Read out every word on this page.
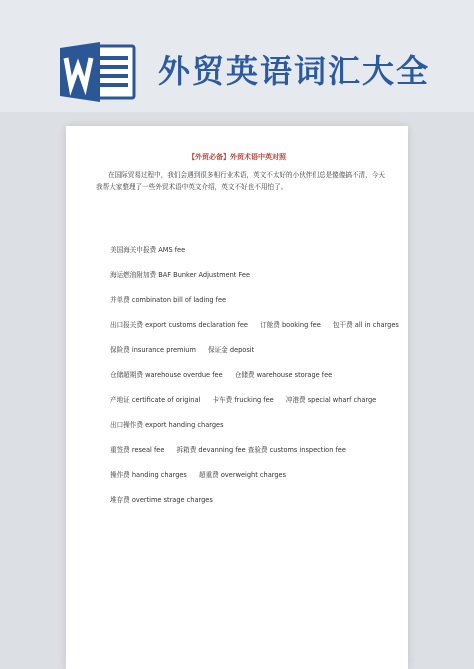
外贸英语词汇大全
【外贸必备】外贸术语中英对照
在国际贸易过程中，我们会遇到很多相行业术语，英文不太好的小伙伴们总是傻傻搞不清，今天我帮大家整理了一些外贸术语中英文介绍，英文不好也不用怕了。
美国海关申报费 AMS fee
海运燃油附加费 BAF Bunker Adjustment Fee
并单费 combinaton bill of lading fee
出口报关费 export customs declaration fee 订舱费 booking fee 包干费 all in charges
保险费 insurance premium 保证金 deposit
仓储超期费 warehouse overdue fee 仓储费 warehouse storage fee
产地证 certificate of original 卡车费 frucking fee 冲港费 special wharf charge
出口操作费 export handing charges
重签费 reseal fee 拆箱费 devanning fee 查验费 customs inspection fee
操作费 handing charges 超重费 overweight charges
堆存费 overtime strage charges
